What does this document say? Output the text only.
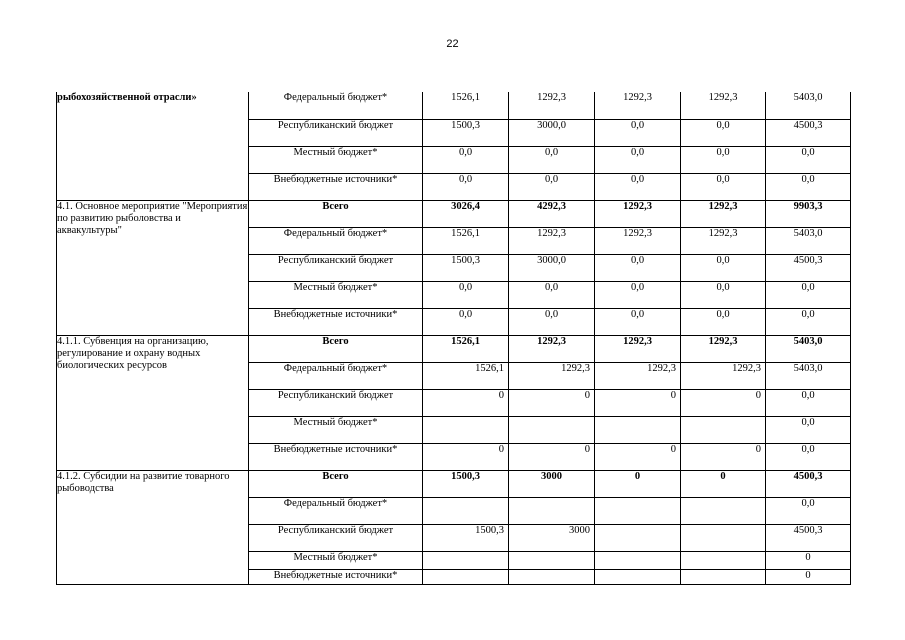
22
рыбохозяйственной отрасли»	Федеральный бюджет*	1526,1	1292,3	1292,3	1292,3	5403,0
	Республиканский бюджет	1500,3	3000,0	0,0	0,0	4500,3
	Местный бюджет*	0,0	0,0	0,0	0,0	0,0
	Внебюджетные источники*	0,0	0,0	0,0	0,0	0,0
4.1. Основное мероприятие "Мероприятия по развитию рыболовства и аквакультуры"	Всего	3026,4	4292,3	1292,3	1292,3	9903,3
	Федеральный бюджет*	1526,1	1292,3	1292,3	1292,3	5403,0
	Республиканский бюджет	1500,3	3000,0	0,0	0,0	4500,3
	Местный бюджет*	0,0	0,0	0,0	0,0	0,0
	Внебюджетные источники*	0,0	0,0	0,0	0,0	0,0
4.1.1. Субвенция на организацию, регулирование и охрану водных биологических ресурсов	Всего	1526,1	1292,3	1292,3	1292,3	5403,0
	Федеральный бюджет*	1526,1	1292,3	1292,3	1292,3	5403,0
	Республиканский бюджет	0	0	0	0	0,0
	Местный бюджет*					0,0
	Внебюджетные источники*	0	0	0	0	0,0
4.1.2. Субсидии на развитие товарного рыбоводства	Всего	1500,3	3000	0	0	4500,3
	Федеральный бюджет*					0,0
	Республиканский бюджет	1500,3	3000			4500,3
	Местный бюджет*					0
	Внебюджетные источники*					0
